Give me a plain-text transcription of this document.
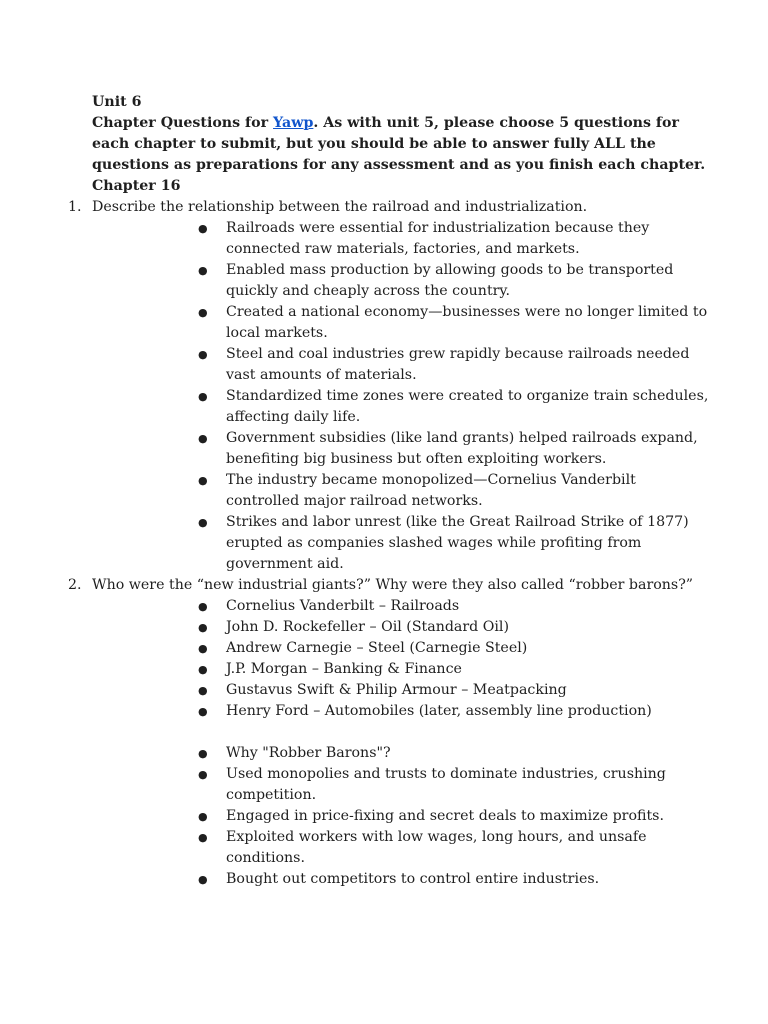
Unit 6
Chapter Questions for Yawp. As with unit 5, please choose 5 questions for each chapter to submit, but you should be able to answer fully ALL the questions as preparations for any assessment and as you finish each chapter.
Chapter 16
1. Describe the relationship between the railroad and industrialization.
● Railroads were essential for industrialization because they connected raw materials, factories, and markets.
● Enabled mass production by allowing goods to be transported quickly and cheaply across the country.
● Created a national economy—businesses were no longer limited to local markets.
● Steel and coal industries grew rapidly because railroads needed vast amounts of materials.
● Standardized time zones were created to organize train schedules, affecting daily life.
● Government subsidies (like land grants) helped railroads expand, benefiting big business but often exploiting workers.
● The industry became monopolized—Cornelius Vanderbilt controlled major railroad networks.
● Strikes and labor unrest (like the Great Railroad Strike of 1877) erupted as companies slashed wages while profiting from government aid.
2. Who were the “new industrial giants?” Why were they also called “robber barons?”
● Cornelius Vanderbilt – Railroads
● John D. Rockefeller – Oil (Standard Oil)
● Andrew Carnegie – Steel (Carnegie Steel)
● J.P. Morgan – Banking & Finance
● Gustavus Swift & Philip Armour – Meatpacking
● Henry Ford – Automobiles (later, assembly line production)
● Why "Robber Barons"?
● Used monopolies and trusts to dominate industries, crushing competition.
● Engaged in price-fixing and secret deals to maximize profits.
● Exploited workers with low wages, long hours, and unsafe conditions.
● Bought out competitors to control entire industries.
